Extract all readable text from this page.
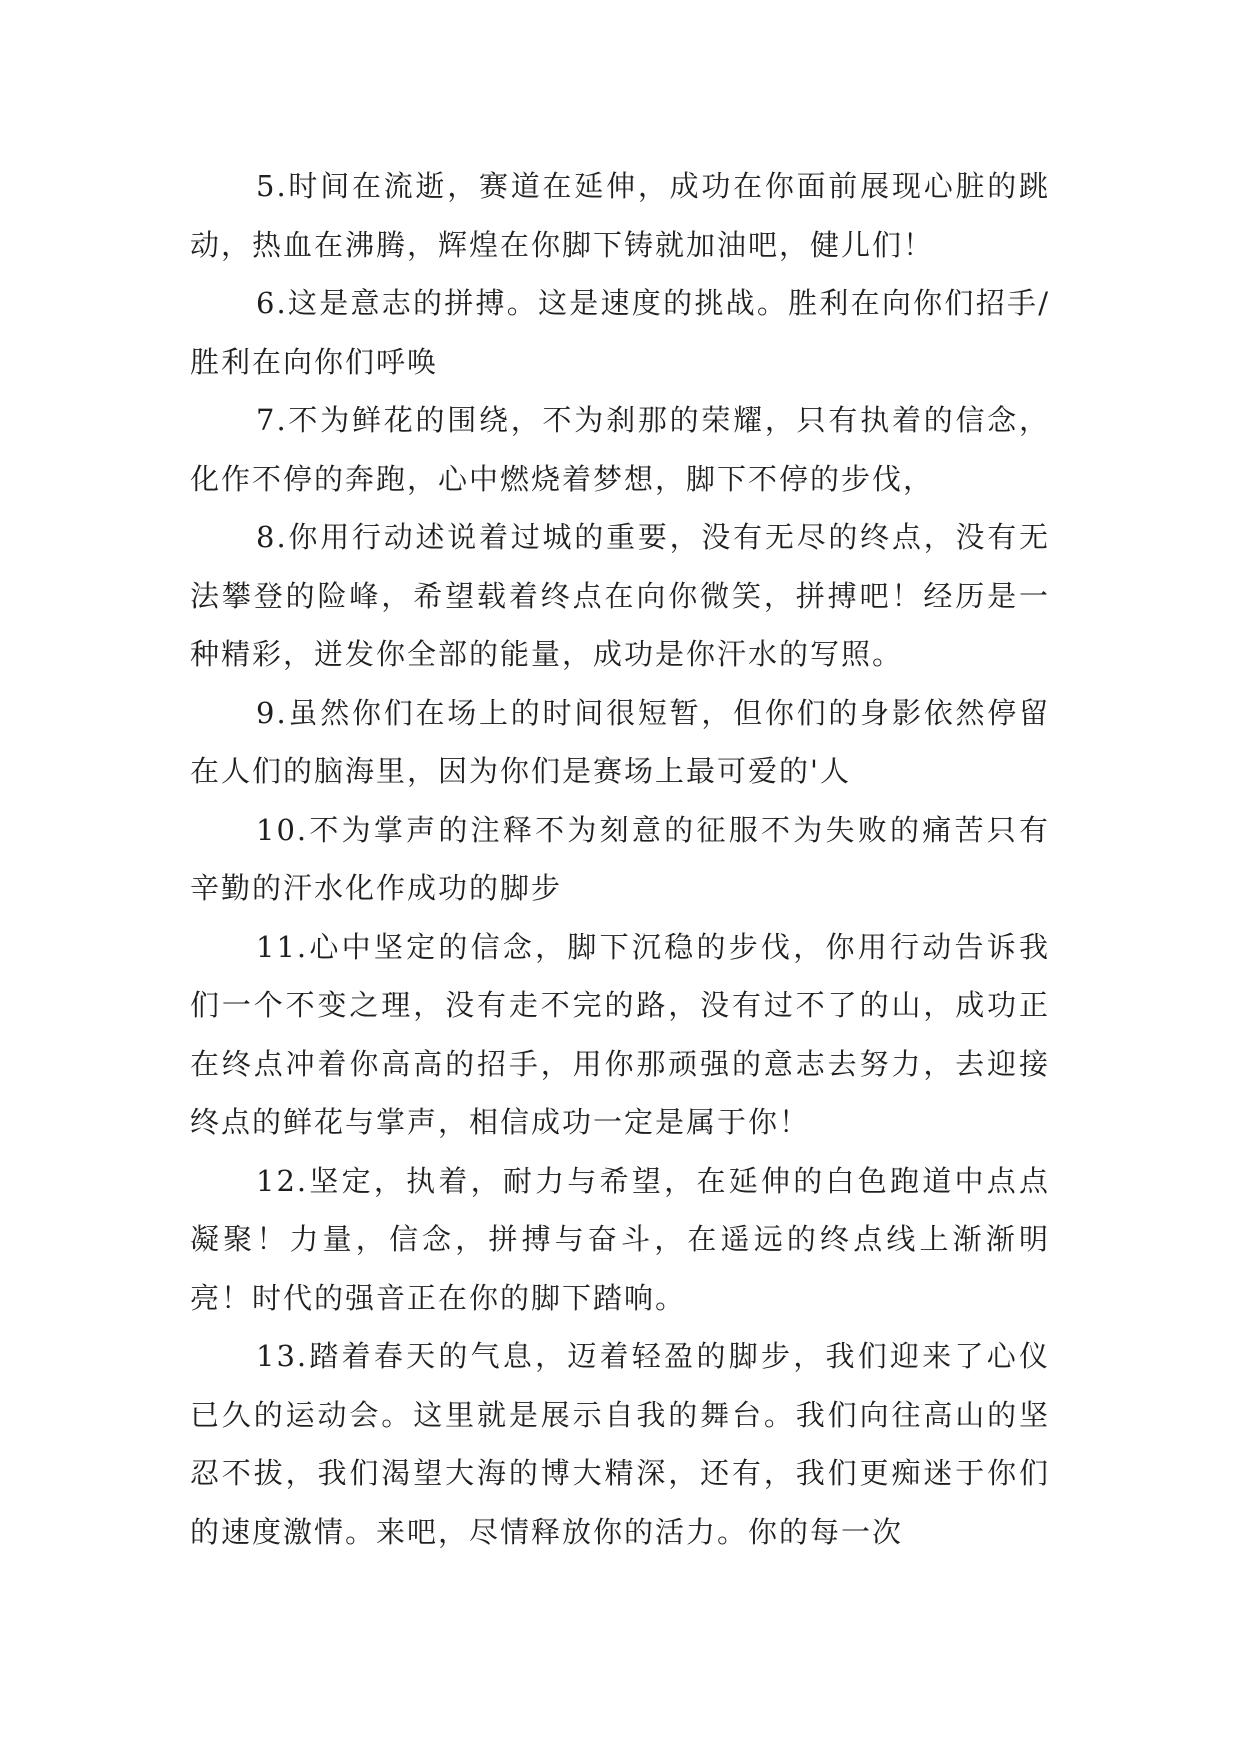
5.时间在流逝，赛道在延伸，成功在你面前展现心脏的跳动，热血在沸腾，辉煌在你脚下铸就加油吧，健儿们！

6.这是意志的拼搏。这是速度的挑战。胜利在向你们招手/胜利在向你们呼唤

7.不为鲜花的围绕，不为刹那的荣耀，只有执着的信念，化作不停的奔跑，心中燃烧着梦想，脚下不停的步伐，

8.你用行动述说着过城的重要，没有无尽的终点，没有无法攀登的险峰，希望载着终点在向你微笑，拼搏吧！经历是一种精彩，迸发你全部的能量，成功是你汗水的写照。

9.虽然你们在场上的时间很短暂，但你们的身影依然停留在人们的脑海里，因为你们是赛场上最可爱的'人

10.不为掌声的注释不为刻意的征服不为失败的痛苦只有辛勤的汗水化作成功的脚步

11.心中坚定的信念，脚下沉稳的步伐，你用行动告诉我们一个不变之理，没有走不完的路，没有过不了的山，成功正在终点冲着你高高的招手，用你那顽强的意志去努力，去迎接终点的鲜花与掌声，相信成功一定是属于你！

12.坚定，执着，耐力与希望，在延伸的白色跑道中点点凝聚！力量，信念，拼搏与奋斗，在遥远的终点线上渐渐明亮！时代的强音正在你的脚下踏响。

13.踏着春天的气息，迈着轻盈的脚步，我们迎来了心仪已久的运动会。这里就是展示自我的舞台。我们向往高山的坚忍不拔，我们渴望大海的博大精深，还有，我们更痴迷于你们的速度激情。来吧，尽情释放你的活力。你的每一次
